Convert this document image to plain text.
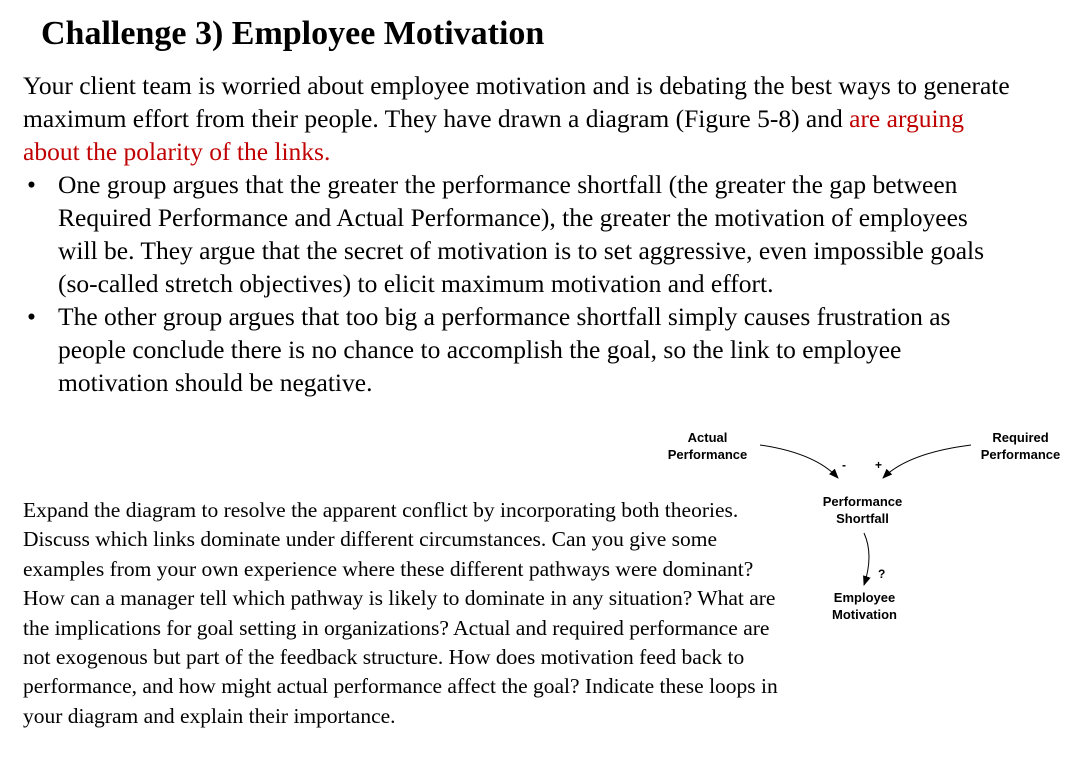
Challenge 3) Employee Motivation

Your client team is worried about employee motivation and is debating the best ways to generate maximum effort from their people. They have drawn a diagram (Figure 5-8) and are arguing about the polarity of the links.

• One group argues that the greater the performance shortfall (the greater the gap between Required Performance and Actual Performance), the greater the motivation of employees will be. They argue that the secret of motivation is to set aggressive, even impossible goals (so-called stretch objectives) to elicit maximum motivation and effort.
• The other group argues that too big a performance shortfall simply causes frustration as people conclude there is no chance to accomplish the goal, so the link to employee motivation should be negative.

Expand the diagram to resolve the apparent conflict by incorporating both theories. Discuss which links dominate under different circumstances. Can you give some examples from your own experience where these different pathways were dominant? How can a manager tell which pathway is likely to dominate in any situation? What are the implications for goal setting in organizations? Actual and required performance are not exogenous but part of the feedback structure. How does motivation feed back to performance, and how might actual performance affect the goal? Indicate these loops in your diagram and explain their importance.

Actual
Performance
Required
Performance
Performance
Shortfall
Employee
Motivation
- +
?
